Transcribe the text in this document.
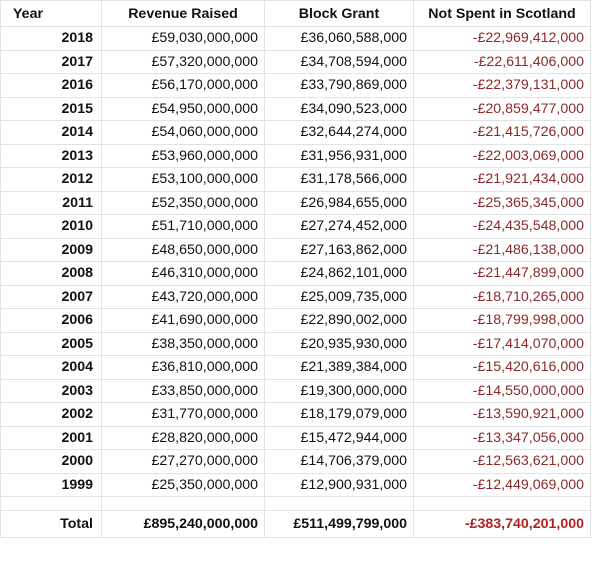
Year	Revenue Raised	Block Grant	Not Spent in Scotland
2018	£59,030,000,000	£36,060,588,000	-£22,969,412,000
2017	£57,320,000,000	£34,708,594,000	-£22,611,406,000
2016	£56,170,000,000	£33,790,869,000	-£22,379,131,000
2015	£54,950,000,000	£34,090,523,000	-£20,859,477,000
2014	£54,060,000,000	£32,644,274,000	-£21,415,726,000
2013	£53,960,000,000	£31,956,931,000	-£22,003,069,000
2012	£53,100,000,000	£31,178,566,000	-£21,921,434,000
2011	£52,350,000,000	£26,984,655,000	-£25,365,345,000
2010	£51,710,000,000	£27,274,452,000	-£24,435,548,000
2009	£48,650,000,000	£27,163,862,000	-£21,486,138,000
2008	£46,310,000,000	£24,862,101,000	-£21,447,899,000
2007	£43,720,000,000	£25,009,735,000	-£18,710,265,000
2006	£41,690,000,000	£22,890,002,000	-£18,799,998,000
2005	£38,350,000,000	£20,935,930,000	-£17,414,070,000
2004	£36,810,000,000	£21,389,384,000	-£15,420,616,000
2003	£33,850,000,000	£19,300,000,000	-£14,550,000,000
2002	£31,770,000,000	£18,179,079,000	-£13,590,921,000
2001	£28,820,000,000	£15,472,944,000	-£13,347,056,000
2000	£27,270,000,000	£14,706,379,000	-£12,563,621,000
1999	£25,350,000,000	£12,900,931,000	-£12,449,069,000

Total	£895,240,000,000	£511,499,799,000	-£383,740,201,000
